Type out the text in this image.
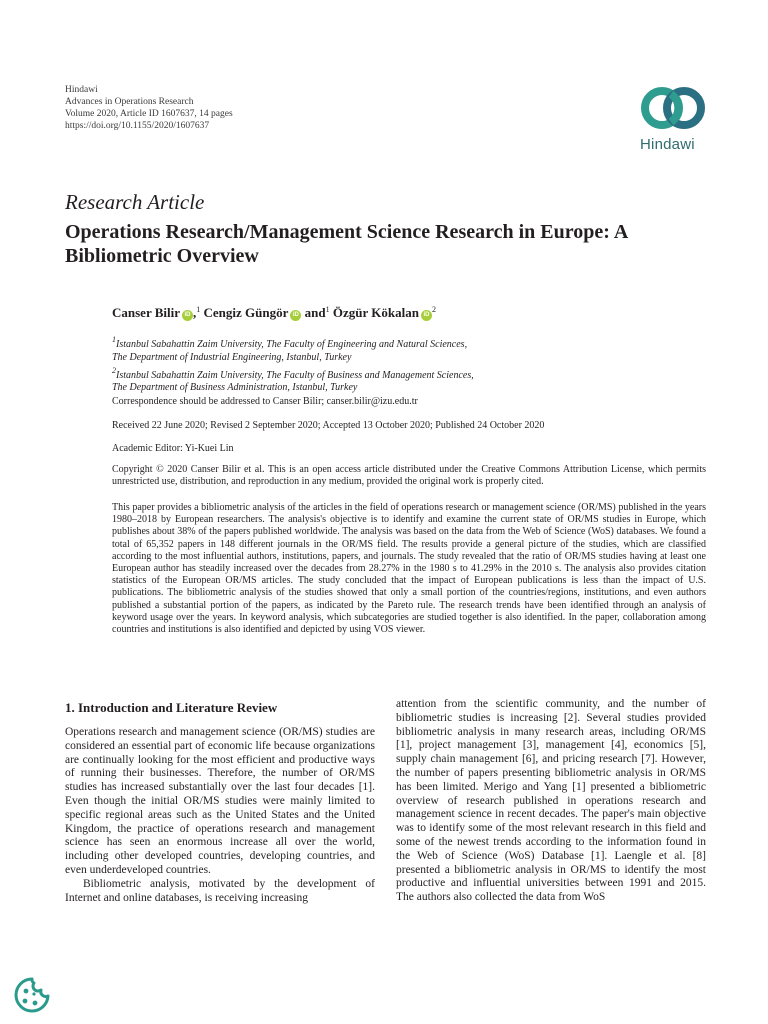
Hindawi
Advances in Operations Research
Volume 2020, Article ID 1607637, 14 pages
https://doi.org/10.1155/2020/1607637
Hindawi
Research Article
Operations Research/Management Science Research in Europe: A Bibliometric Overview
Canser Bilir iD ,$^1$ Cengiz Güngör iD and$^1$ Özgür Kökalan $iD^2$
$^1$Istanbul Sabahattin Zaim University, The Faculty of Engineering and Natural Sciences,
The Department of Industrial Engineering, Istanbul, Turkey
$^2$Istanbul Sabahattin Zaim University, The Faculty of Business and Management Sciences,
The Department of Business Administration, Istanbul, Turkey
Correspondence should be addressed to Canser Bilir; canser.bilir@izu.edu.tr
Received 22 June 2020; Revised 2 September 2020; Accepted 13 October 2020; Published 24 October 2020
Academic Editor: Yi-Kuei Lin
Copyright © 2020 Canser Bilir et al. This is an open access article distributed under the Creative Commons Attribution License, which permits unrestricted use, distribution, and reproduction in any medium, provided the original work is properly cited.
This paper provides a bibliometric analysis of the articles in the field of operations research or management science (OR/MS) published in the years 1980–2018 by European researchers. The analysis's objective is to identify and examine the current state of OR/MS studies in Europe, which publishes about 38% of the papers published worldwide. The analysis was based on the data from the Web of Science (WoS) databases. We found a total of 65,352 papers in 148 different journals in the OR/MS field. The results provide a general picture of the studies, which are classified according to the most influential authors, institutions, papers, and journals. The study revealed that the ratio of OR/MS studies having at least one European author has steadily increased over the decades from 28.27% in the 1980 s to 41.29% in the 2010 s. The analysis also provides citation statistics of the European OR/MS articles. The study concluded that the impact of European publications is less than the impact of U.S. publications. The bibliometric analysis of the studies showed that only a small portion of the countries/regions, institutions, and even authors published a substantial portion of the papers, as indicated by the Pareto rule. The research trends have been identified through an analysis of keyword usage over the years. In keyword analysis, which subcategories are studied together is also identified. In the paper, collaboration among countries and institutions is also identified and depicted by using VOS viewer.
1. Introduction and Literature Review

Operations research and management science (OR/MS) studies are considered an essential part of economic life because organizations are continually looking for the most efficient and productive ways of running their businesses. Therefore, the number of OR/MS studies has increased substantially over the last four decades [1]. Even though the initial OR/MS studies were mainly limited to specific regional areas such as the United States and the United Kingdom, the practice of operations research and management science has seen an enormous increase all over the world, including other developed countries, developing countries, and even underdeveloped countries.

Bibliometric analysis, motivated by the development of Internet and online databases, is receiving increasing

attention from the scientific community, and the number of bibliometric studies is increasing [2]. Several studies provided bibliometric analysis in many research areas, including OR/MS [1], project management [3], management [4], economics [5], supply chain management [6], and pricing research [7]. However, the number of papers presenting bibliometric analysis in OR/MS has been limited. Merigo and Yang [1] presented a bibliometric overview of research published in operations research and management science in recent decades. The paper's main objective was to identify some of the most relevant research in this field and some of the newest trends according to the information found in the Web of Science (WoS) Database [1]. Laengle et al. [8] presented a bibliometric analysis in OR/MS to identify the most productive and influential universities between 1991 and 2015. The authors also collected the data from WoS
